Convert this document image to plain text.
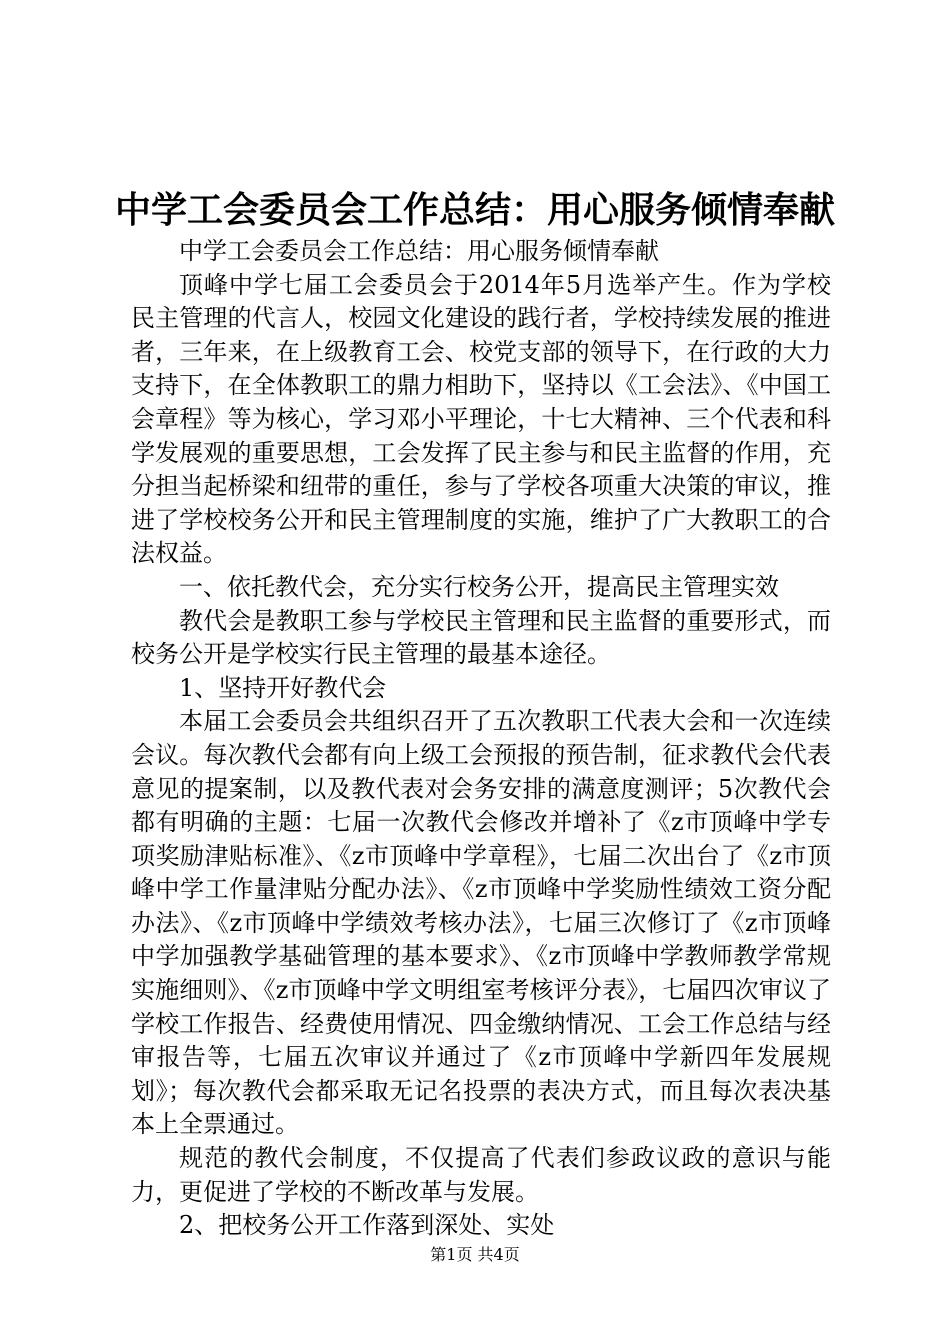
中学工会委员会工作总结：用心服务倾情奉献

中学工会委员会工作总结：用心服务倾情奉献

顶峰中学七届工会委员会于2014年5月选举产生。作为学校民主管理的代言人，校园文化建设的践行者，学校持续发展的推进者，三年来，在上级教育工会、校党支部的领导下，在行政的大力支持下，在全体教职工的鼎力相助下，坚持以《工会法》、《中国工会章程》等为核心，学习邓小平理论，十七大精神、三个代表和科学发展观的重要思想，工会发挥了民主参与和民主监督的作用，充分担当起桥梁和纽带的重任，参与了学校各项重大决策的审议，推进了学校校务公开和民主管理制度的实施，维护了广大教职工的合法权益。

一、依托教代会，充分实行校务公开，提高民主管理实效

教代会是教职工参与学校民主管理和民主监督的重要形式，而校务公开是学校实行民主管理的最基本途径。

1、坚持开好教代会

本届工会委员会共组织召开了五次教职工代表大会和一次连续会议。每次教代会都有向上级工会预报的预告制，征求教代会代表意见的提案制，以及教代表对会务安排的满意度测评；5次教代会都有明确的主题：七届一次教代会修改并增补了《z市顶峰中学专项奖励津贴标准》、《z市顶峰中学章程》，七届二次出台了《z市顶峰中学工作量津贴分配办法》、《z市顶峰中学奖励性绩效工资分配办法》、《z市顶峰中学绩效考核办法》，七届三次修订了《z市顶峰中学加强教学基础管理的基本要求》、《z市顶峰中学教师教学常规实施细则》、《z市顶峰中学文明组室考核评分表》，七届四次审议了学校工作报告、经费使用情况、四金缴纳情况、工会工作总结与经审报告等，七届五次审议并通过了《z市顶峰中学新四年发展规划》；每次教代会都采取无记名投票的表决方式，而且每次表决基本上全票通过。

规范的教代会制度，不仅提高了代表们参政议政的意识与能力，更促进了学校的不断改革与发展。

2、把校务公开工作落到深处、实处

第1页 共4页
